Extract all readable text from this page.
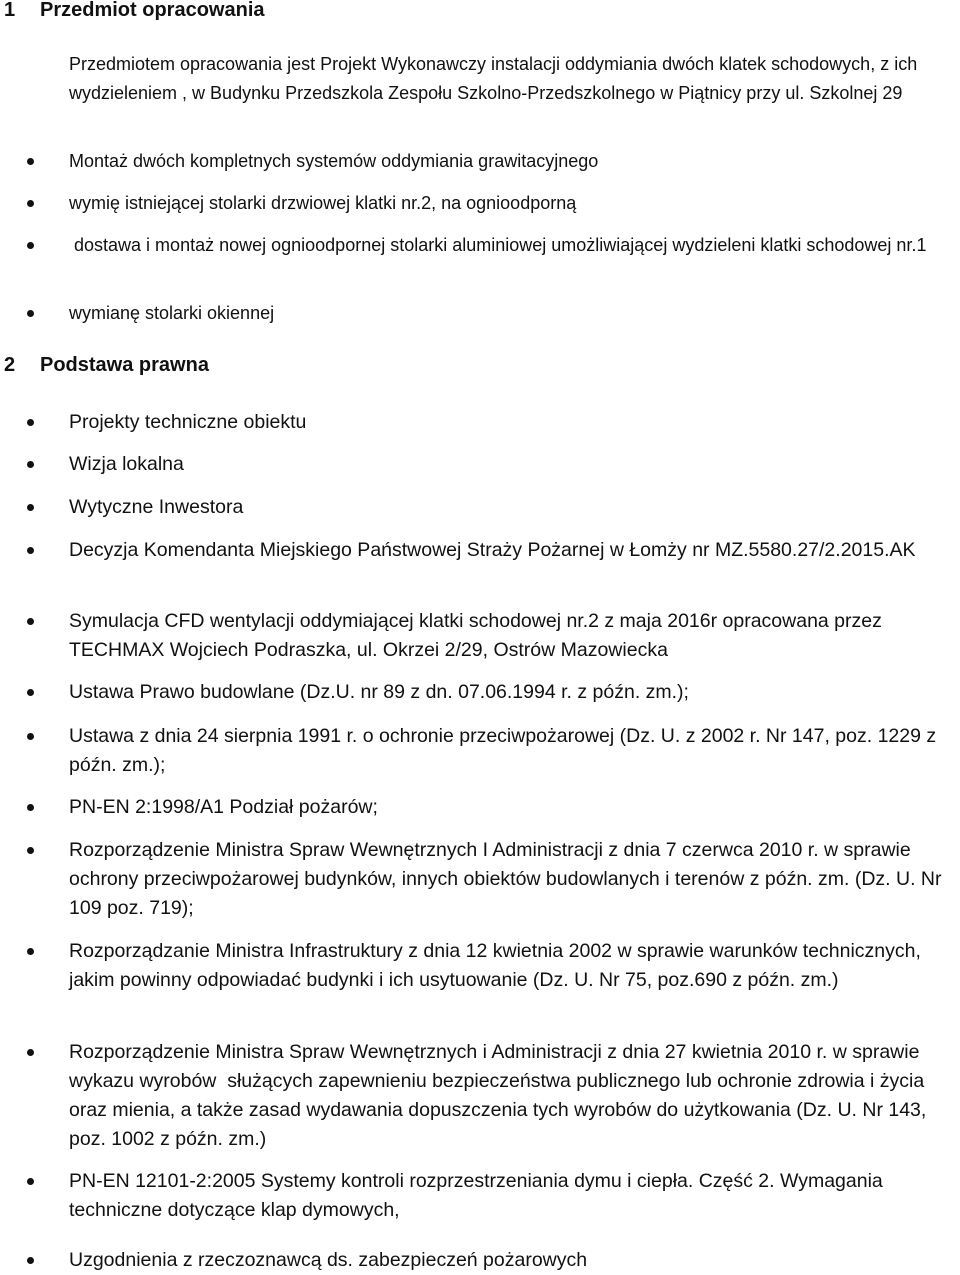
1 Przedmiot opracowania
Przedmiotem opracowania jest Projekt Wykonawczy instalacji oddymiania dwóch klatek schodowych, z ich wydzieleniem , w Budynku Przedszkola Zespołu Szkolno-Przedszkolnego w Piątnicy przy ul. Szkolnej 29
Montaż dwóch kompletnych systemów oddymiania grawitacyjnego
wymię istniejącej stolarki drzwiowej klatki nr.2, na ognioodporną
dostawa i montaż nowej ognioodpornej stolarki aluminiowej umożliwiającej wydzieleni klatki schodowej nr.1
wymianę stolarki okiennej
2 Podstawa prawna
Projekty techniczne obiektu
Wizja lokalna
Wytyczne Inwestora
Decyzja Komendanta Miejskiego Państwowej Straży Pożarnej w Łomży nr MZ.5580.27/2.2015.AK
Symulacja CFD wentylacji oddymiającej klatki schodowej nr.2 z maja 2016r opracowana przez TECHMAX Wojciech Podraszka, ul. Okrzei 2/29, Ostrów Mazowiecka
Ustawa Prawo budowlane (Dz.U. nr 89 z dn. 07.06.1994 r. z późn. zm.);
Ustawa z dnia 24 sierpnia 1991 r. o ochronie przeciwpożarowej (Dz. U. z 2002 r. Nr 147, poz. 1229 z późn. zm.);
PN-EN 2:1998/A1 Podział pożarów;
Rozporządzenie Ministra Spraw Wewnętrznych I Administracji z dnia 7 czerwca 2010 r. w sprawie ochrony przeciwpożarowej budynków, innych obiektów budowlanych i terenów z późn. zm. (Dz. U. Nr 109 poz. 719);
Rozporządzanie Ministra Infrastruktury z dnia 12 kwietnia 2002 w sprawie warunków technicznych, jakim powinny odpowiadać budynki i ich usytuowanie (Dz. U. Nr 75, poz.690 z późn. zm.)
Rozporządzenie Ministra Spraw Wewnętrznych i Administracji z dnia 27 kwietnia 2010 r. w sprawie wykazu wyrobów  służących zapewnieniu bezpieczeństwa publicznego lub ochronie zdrowia i życia oraz mienia, a także zasad wydawania dopuszczenia tych wyrobów do użytkowania (Dz. U. Nr 143, poz. 1002 z późn. zm.)
PN-EN 12101-2:2005 Systemy kontroli rozprzestrzeniania dymu i ciepła. Część 2. Wymagania techniczne dotyczące klap dymowych,
Uzgodnienia z rzeczoznawcą ds. zabezpieczeń pożarowych
